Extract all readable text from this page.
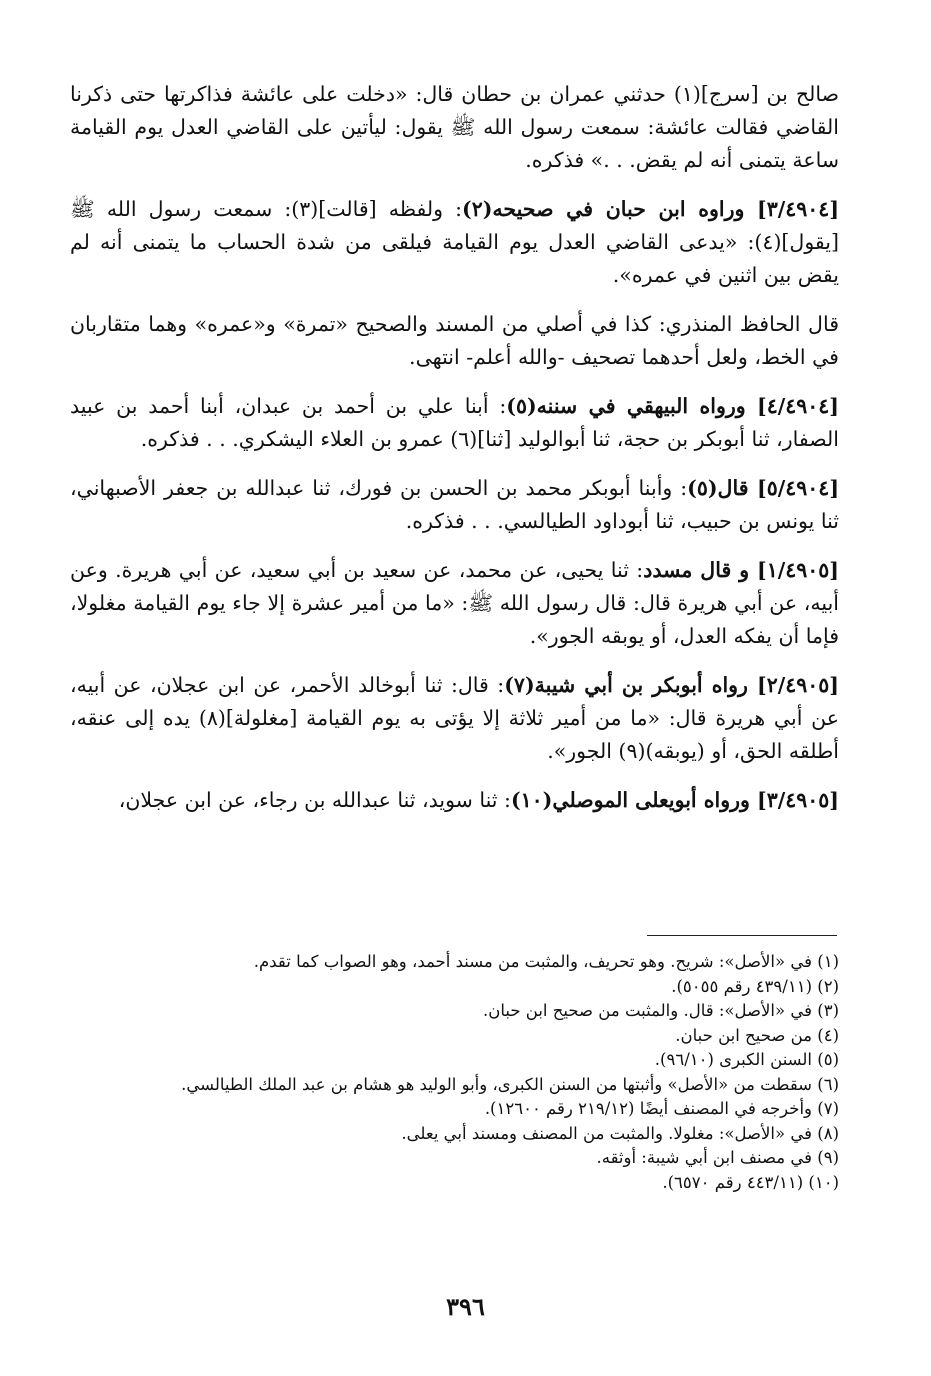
صالح بن [سرج](١) حدثني عمران بن حطان قال: «دخلت على عائشة فذاكرتها حتى ذكرنا القاضي فقالت عائشة: سمعت رسول الله ﷺ يقول: ليأتين على القاضي العدل يوم القيامة ساعة يتمنى أنه لم يقض. . .» فذكره.

[٣/٤٩٠٤] وراوه ابن حبان في صحيحه(٢): ولفظه [قالت](٣): سمعت رسول الله ﷺ [يقول](٤): «يدعى القاضي العدل يوم القيامة فيلقى من شدة الحساب ما يتمنى أنه لم يقض بين اثنين في عمره».

قال الحافظ المنذري: كذا في أصلي من المسند والصحيح «تمرة» و«عمره» وهما متقاربان في الخط، ولعل أحدهما تصحيف -والله أعلم- انتهى.

[٤/٤٩٠٤] ورواه البيهقي في سننه(٥): أبنا علي بن أحمد بن عبدان، أبنا أحمد بن عبيد الصفار، ثنا أبوبكر بن حجة، ثنا أبوالوليد [ثنا](٦) عمرو بن العلاء اليشكري. . . فذكره.

[٥/٤٩٠٤] قال(٥): وأبنا أبوبكر محمد بن الحسن بن فورك، ثنا عبدالله بن جعفر الأصبهاني، ثنا يونس بن حبيب، ثنا أبوداود الطيالسي. . . فذكره.

[١/٤٩٠٥] و قال مسدد: ثنا يحيى، عن محمد، عن سعيد بن أبي سعيد، عن أبي هريرة. وعن أبيه، عن أبي هريرة قال: قال رسول الله ﷺ: «ما من أمير عشرة إلا جاء يوم القيامة مغلولا، فإما أن يفكه العدل، أو يوبقه الجور».

[٢/٤٩٠٥] رواه أبوبكر بن أبي شيبة(٧): قال: ثنا أبوخالد الأحمر، عن ابن عجلان، عن أبيه، عن أبي هريرة قال: «ما من أمير ثلاثة إلا يؤتى به يوم القيامة [مغلولة](٨) يده إلى عنقه، أطلقه الحق، أو (يوبقه)(٩) الجور».

[٣/٤٩٠٥] ورواه أبويعلى الموصلي(١٠): ثنا سويد، ثنا عبدالله بن رجاء، عن ابن عجلان،

(١) في «الأصل»: شريح. وهو تحريف، والمثبت من مسند أحمد، وهو الصواب كما تقدم.

(٢) (٤٣٩/١١ رقم ٥٠٥٥).

(٣) في «الأصل»: قال. والمثبت من صحيح ابن حبان.

(٤) من صحيح ابن حبان.

(٥) السنن الكبرى (٩٦/١٠).

(٦) سقطت من «الأصل» وأثبتها من السنن الكبرى، وأبو الوليد هو هشام بن عبد الملك الطيالسي.

(٧) وأخرجه في المصنف أيضًا (٢١٩/١٢ رقم ١٢٦٠٠).

(٨) في «الأصل»: مغلولا. والمثبت من المصنف ومسند أبي يعلى.

(٩) في مصنف ابن أبي شيبة: أوثقه.

(١٠) (٤٤٣/١١ رقم ٦٥٧٠).

٣٩٦
